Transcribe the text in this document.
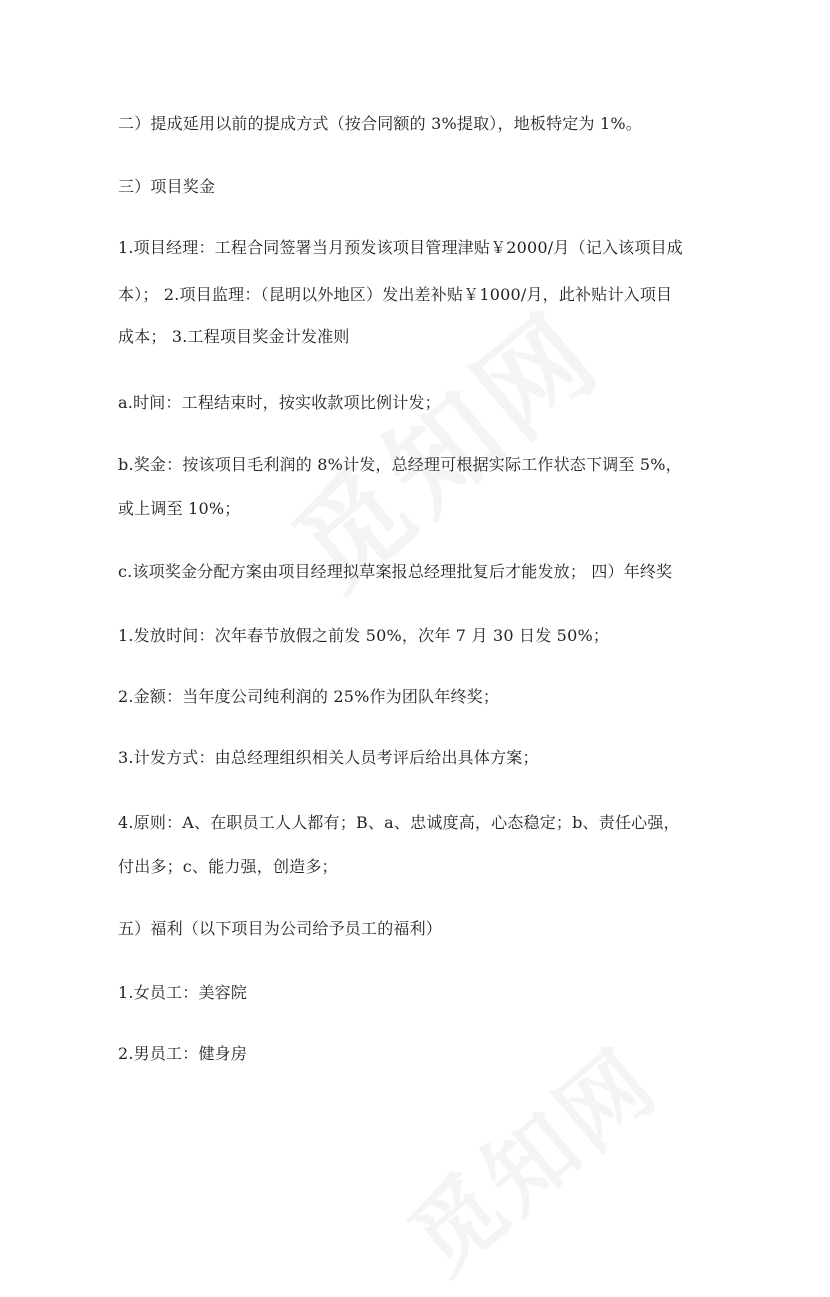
二）提成延用以前的提成方式（按合同额的 3%提取），地板特定为 1%。
三）项目奖金
1.项目经理：工程合同签署当月预发该项目管理津贴￥2000/月（记入该项目成
本）； 2.项目监理：（昆明以外地区）发出差补贴￥1000/月，此补贴计入项目
成本； 3.工程项目奖金计发准则
a.时间：工程结束时，按实收款项比例计发；
b.奖金：按该项目毛利润的 8%计发，总经理可根据实际工作状态下调至 5%，
或上调至 10%；
c.该项奖金分配方案由项目经理拟草案报总经理批复后才能发放； 四）年终奖
1.发放时间：次年春节放假之前发 50%，次年 7 月 30 日发 50%；
2.金额：当年度公司纯利润的 25%作为团队年终奖；
3.计发方式：由总经理组织相关人员考评后给出具体方案；
4.原则：A、在职员工人人都有；B、a、忠诚度高，心态稳定；b、责任心强，
付出多；c、能力强，创造多；
五）福利（以下项目为公司给予员工的福利）
1.女员工：美容院
2.男员工：健身房
